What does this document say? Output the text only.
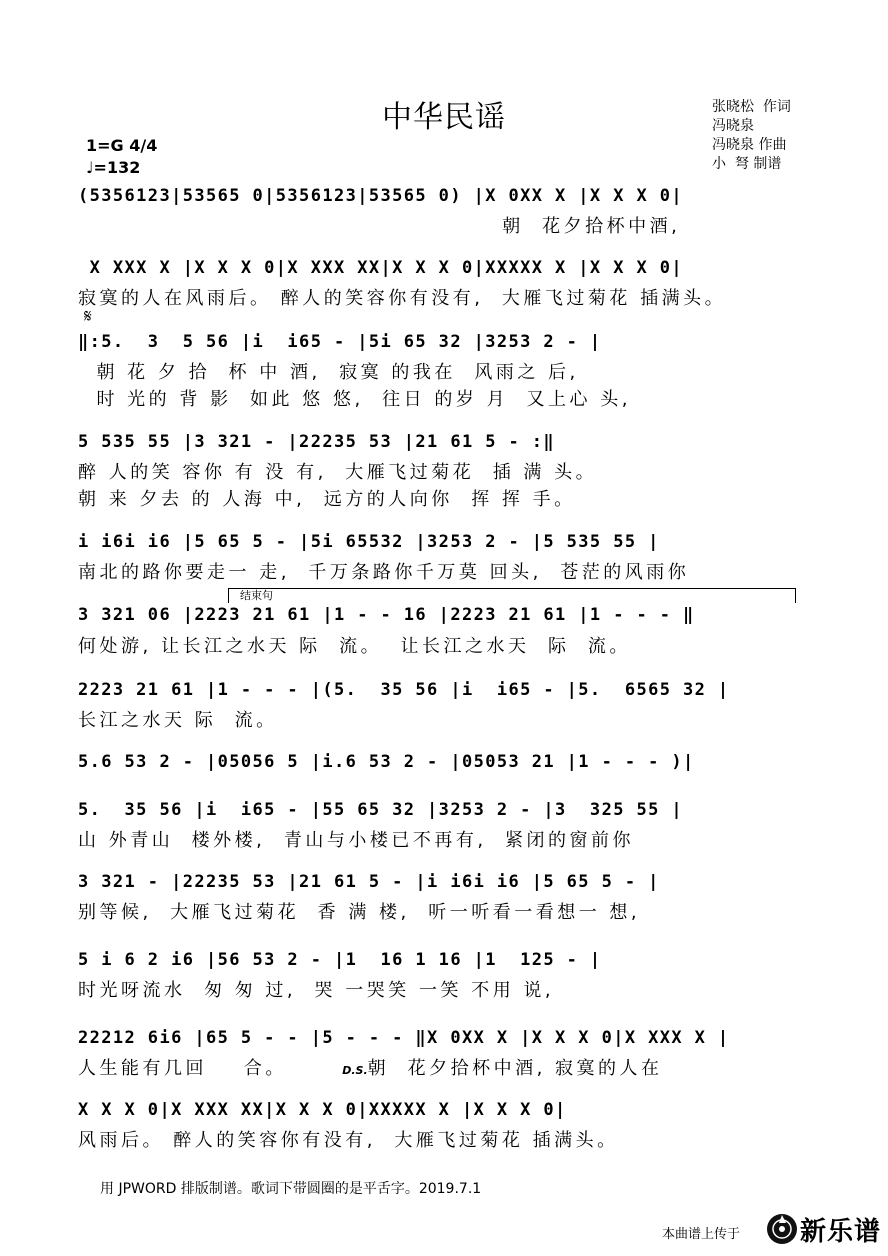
中华民谣	张晓松  作词
冯晓泉
冯晓泉 作曲
小  弩 制谱
1=G 4/4
♩=132
𝄋
结束句
(5356123|53565 0|5356123|53565 0) |X 0XX X |X X X 0|
朝  花夕拾杯中酒,
X XXX X |X X X 0|X XXX XX|X X X 0|XXXXX X |X X X 0|
寂寞的人在风雨后。 醉人的笑容你有没有,  大雁飞过菊花 插满头。
‖:5.  3  5 56 |i  i65 - |5i 65 32 |3253 2 - |
朝 花 夕 拾  杯 中 酒,  寂寞 的我在  风雨之 后,
时 光的 背 影  如此 悠 悠,  往日 的岁 月  又上心 头,
5 535 55 |3 321 - |22235 53 |21 61 5 - :‖
醉 人的笑 容你 有 没 有,  大雁飞过菊花  插 满 头。
朝 来 夕去 的 人海 中,  远方的人向你  挥 挥 手。
i i6i i6 |5 65 5 - |5i 65532 |3253 2 - |5 535 55 |
南北的路你要走一 走,  千万条路你千万莫 回头,  苍茫的风雨你
3 321 06 |2223 21 61 |1 - - 16 |2223 21 61 |1 - - - ‖
何处游, 让长江之水天 际  流。  让长江之水天  际  流。
2223 21 61 |1 - - - |(5.  35 56 |i  i65 - |5.  6565 32 |
长江之水天 际  流。
5.6 53 2 - |05056 5 |i.6 53 2 - |05053 21 |1 - - - )|
5.  35 56 |i  i65 - |55 65 32 |3253 2 - |3  325 55 |
山 外青山  楼外楼,  青山与小楼已不再有,  紧闭的窗前你
3 321 - |22235 53 |21 61 5 - |i i6i i6 |5 65 5 - |
别等候,  大雁飞过菊花  香 满 楼,  听一听看一看想一 想,
5 i 6 2 i6 |56 53 2 - |1  16 1 16 |1  125 - |
时光呀流水  匆 匆 过,  哭 一哭笑 一笑 不用 说,
22212 6i6 |65 5 - - |5 - - - ‖X 0XX X |X X X 0|X XXX X |
人生能有几回    合。      D.S.朝  花夕拾杯中酒, 寂寞的人在
X X X 0|X XXX XX|X X X 0|XXXXX X |X X X 0|
风雨后。 醉人的笑容你有没有,  大雁飞过菊花 插满头。
用 JPWORD 排版制谱。歌词下带圆圈的是平舌字。2019.7.1
本曲谱上传于 新乐谱
